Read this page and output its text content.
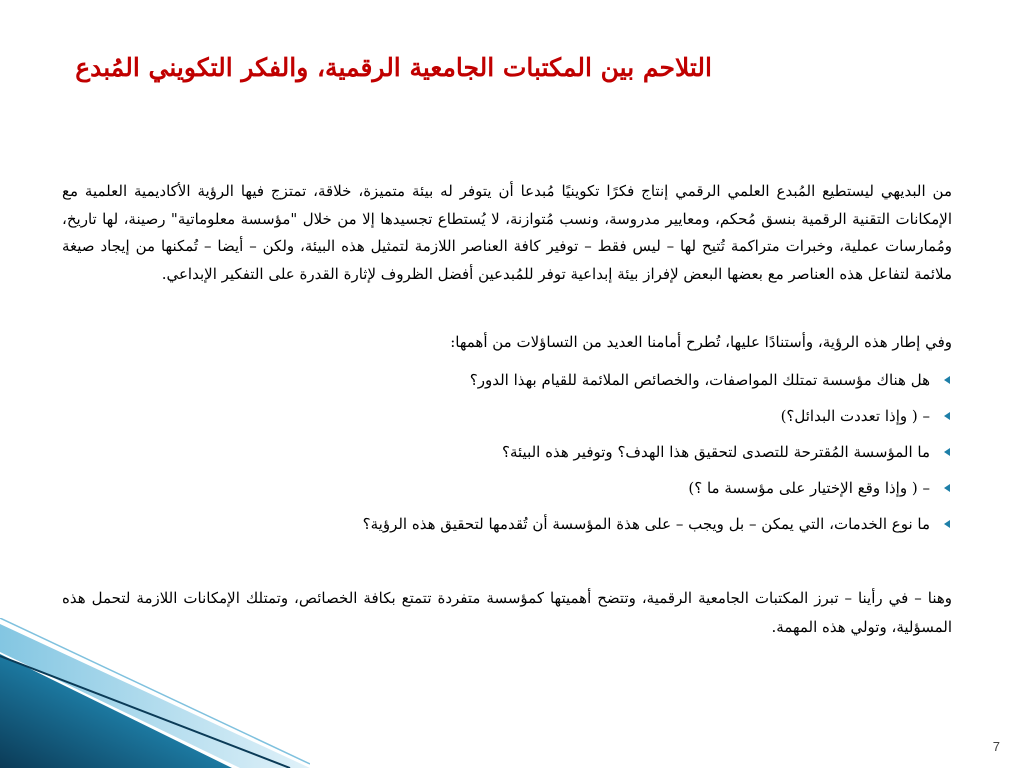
التلاحم بين المكتبات الجامعية الرقمية، والفكر التكويني المُبدع

من البديهي ليستطيع المُبدع العلمي الرقمي إنتاج فكرًا تكوينيًا مُبدعا أن يتوفر له بيئة متميزة، خلاقة، تمتزج فيها الرؤية الأكاديمية العلمية مع الإمكانات التقنية الرقمية بنسق مُحكم، ومعايير مدروسة، ونسب مُتوازنة، لا يُستطاع تجسيدها إلا من خلال "مؤسسة معلوماتية" رصينة، لها تاريخ، ومُمارسات عملية، وخبرات متراكمة تُتيح لها – ليس فقط – توفير كافة العناصر اللازمة لتمثيل هذه البيئة، ولكن – أيضا – تُمكنها من إيجاد صيغة ملائمة لتفاعل هذه العناصر مع بعضها البعض لإفراز بيئة إبداعية توفر للمُبدعين أفضل الظروف لإثارة القدرة على التفكير الإبداعي.

وفي إطار هذه الرؤية، وأستنادًا عليها، تُطرح أمامنا العديد من التساؤلات من أهمها:

هل هناك مؤسسة تمتلك المواصفات، والخصائص الملائمة للقيام بهذا الدور؟
– ( وإذا تعددت البدائل؟)
ما المؤسسة المُقترحة للتصدى لتحقيق هذا الهدف؟ وتوفير هذه البيئة؟
– ( وإذا وقع الإختيار على مؤسسة ما ؟)
ما نوع الخدمات، التي يمكن – بل ويجب – على هذة المؤسسة أن تُقدمها لتحقيق هذه الرؤية؟

وهنا – في رأينا – تبرز المكتبات الجامعية الرقمية، وتتضح أهميتها كمؤسسة متفردة تتمتع بكافة الخصائص، وتمتلك الإمكانات اللازمة لتحمل هذه المسؤلية، وتولي هذه المهمة.

7
